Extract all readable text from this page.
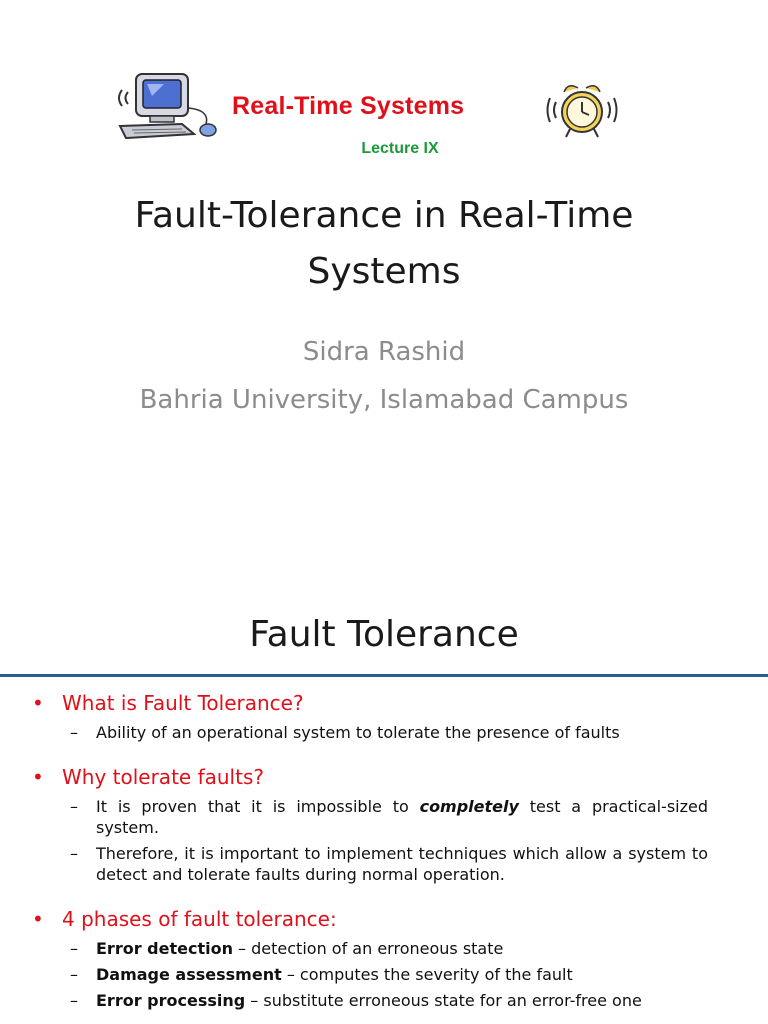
Real-Time Systems
Lecture IX
Fault-Tolerance in Real-Time Systems
Sidra Rashid
Bahria University, Islamabad Campus
Fault Tolerance
• What is Fault Tolerance?
– Ability of an operational system to tolerate the presence of faults
• Why tolerate faults?
– It is proven that it is impossible to completely test a practical-sized system.
– Therefore, it is important to implement techniques which allow a system to detect and tolerate faults during normal operation.
• 4 phases of fault tolerance:
– Error detection – detection of an erroneous state
– Damage assessment – computes the severity of the fault
– Error processing – substitute erroneous state for an error-free one
